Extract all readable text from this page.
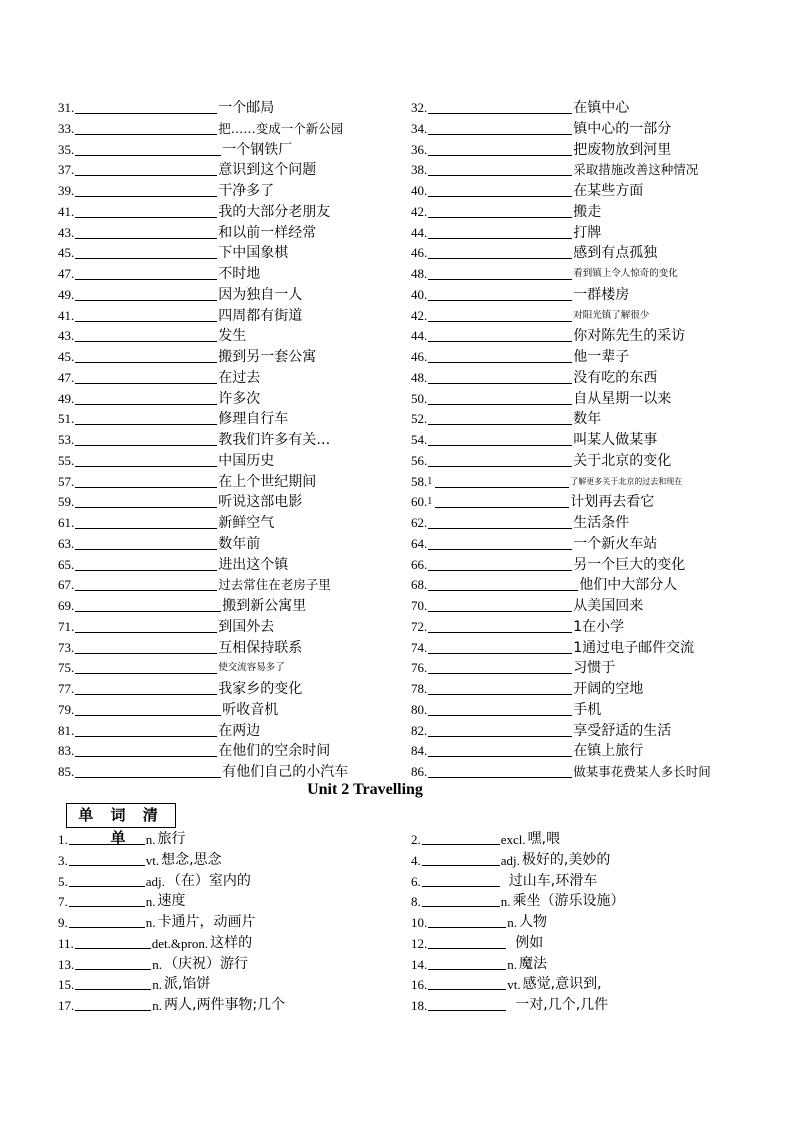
31.	一个邮局
33.	把……变成一个新公园
35.	一个钢铁厂
37.	意识到这个问题
39.	干净多了
41.	我的大部分老朋友
43.	和以前一样经常
45.	下中国象棋
47.	不时地
49.	因为独自一人
41.	四周都有街道
43.	发生
45.	搬到另一套公寓
47.	在过去
49.	许多次
51.	修理自行车
53.	教我们许多有关…
55.	中国历史
57.	在上个世纪期间
59.	听说这部电影
61.	新鲜空气
63.	数年前
65.	进出这个镇
67.	过去常住在老房子里
69.	搬到新公寓里
71.	到国外去
73.	互相保持联系
75.	使交流容易多了
77.	我家乡的变化
79.	听收音机
81.	在两边
83.	在他们的空余时间
85.	有他们自己的小汽车
32.	在镇中心
34.	镇中心的一部分
36.	把废物放到河里
38.	采取措施改善这种情况
40.	在某些方面
42.	搬走
44.	打牌
46.	感到有点孤独
48.	看到镇上令人惊奇的变化
40.	一群楼房
42.	对阳光镇了解很少
44.	你对陈先生的采访
46.	他一辈子
48.	没有吃的东西
50.	自从星期一以来
52.	数年
54.	叫某人做某事
56.	关于北京的变化
58. 1	了解更多关于北京的过去和现在
60. 1	计划再去看它
62.	生活条件
64.	一个新火车站
66.	另一个巨大的变化
68.	他们中大部分人
70.	从美国回来
72.	1在小学
74.	1通过电子邮件交流
76.	习惯于
78.	开阔的空地
80.	手机
82.	享受舒适的生活
84.	在镇上旅行
86.	做某事花费某人多长时间
Unit 2 Travelling
单 词 清 单
1.	n. 旅行
3.	vt. 想念,思念
5.	adj. （在）室内的
7.	n. 速度
9.	n. 卡通片，动画片
11.	det.&pron. 这样的
13.	n. （庆祝）游行
15.	n. 派,馅饼
17.	n. 两人,两件事物;几个
2.	excl. 嘿,喂
4.	adj. 极好的,美妙的
6.	过山车,环滑车
8.	n. 乘坐（游乐设施）
10.	n. 人物
12.	例如
14.	n. 魔法
16.	vt. 感觉,意识到,
18.	一对,几个,几件
